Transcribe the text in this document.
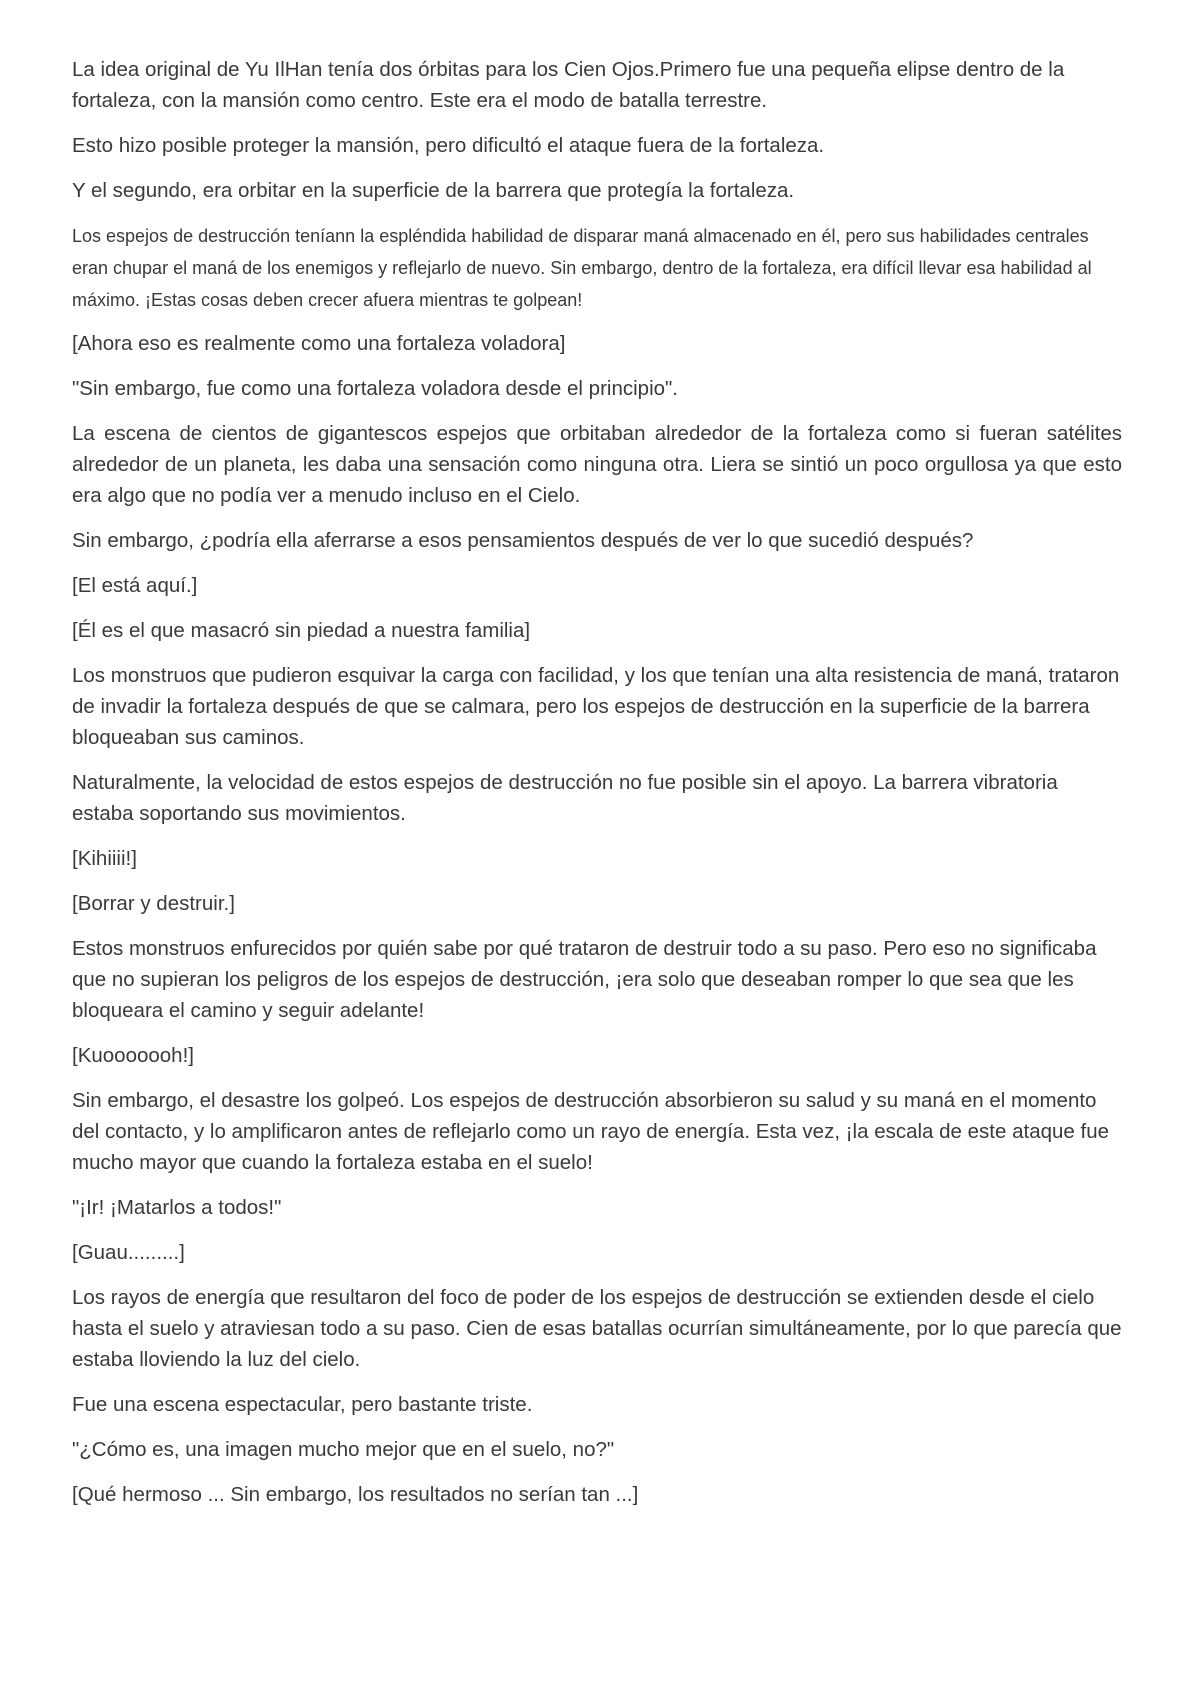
La idea original de Yu IlHan tenía dos órbitas para los Cien Ojos.Primero fue una pequeña elipse dentro de la fortaleza, con la mansión como centro. Este era el modo de batalla terrestre.

Esto hizo posible proteger la mansión, pero dificultó el ataque fuera de la fortaleza.

Y el segundo, era orbitar en la superficie de la barrera que protegía la fortaleza.

Los espejos de destrucción teníann la espléndida habilidad de disparar maná almacenado en él, pero sus habilidades centrales eran chupar el maná de los enemigos y reflejarlo de nuevo. Sin embargo, dentro de la fortaleza, era difícil llevar esa habilidad al máximo. ¡Estas cosas deben crecer afuera mientras te golpean!

[Ahora eso es realmente como una fortaleza voladora]

"Sin embargo, fue como una fortaleza voladora desde el principio".

La escena de cientos de gigantescos espejos que orbitaban alrededor de la fortaleza como si fueran satélites alrededor de un planeta, les daba una sensación como ninguna otra. Liera se sintió un poco orgullosa ya que esto era algo que no podía ver a menudo incluso en el Cielo.

Sin embargo, ¿podría ella aferrarse a esos pensamientos después de ver lo que sucedió después?

[El está aquí.]

[Él es el que masacró sin piedad a nuestra familia]

Los monstruos que pudieron esquivar la carga con facilidad, y los que tenían una alta resistencia de maná, trataron de invadir la fortaleza después de que se calmara, pero los espejos de destrucción en la superficie de la barrera bloqueaban sus caminos.

Naturalmente, la velocidad de estos espejos de destrucción no fue posible sin el apoyo. La barrera vibratoria estaba soportando sus movimientos.

[Kihiiii!]

[Borrar y destruir.]

Estos monstruos enfurecidos por quién sabe por qué trataron de destruir todo a su paso. Pero eso no significaba que no supieran los peligros de los espejos de destrucción, ¡era solo que deseaban romper lo que sea que les bloqueara el camino y seguir adelante!

[Kuooooooh!]

Sin embargo, el desastre los golpeó. Los espejos de destrucción absorbieron su salud y su maná en el momento del contacto, y lo amplificaron antes de reflejarlo como un rayo de energía. Esta vez, ¡la escala de este ataque fue mucho mayor que cuando la fortaleza estaba en el suelo!

"¡Ir! ¡Matarlos a todos!"

[Guau.........]

Los rayos de energía que resultaron del foco de poder de los espejos de destrucción se extienden desde el cielo hasta el suelo y atraviesan todo a su paso. Cien de esas batallas ocurrían simultáneamente, por lo que parecía que estaba lloviendo la luz del cielo.

Fue una escena espectacular, pero bastante triste.

"¿Cómo es, una imagen mucho mejor que en el suelo, no?"

[Qué hermoso ... Sin embargo, los resultados no serían tan ...]
